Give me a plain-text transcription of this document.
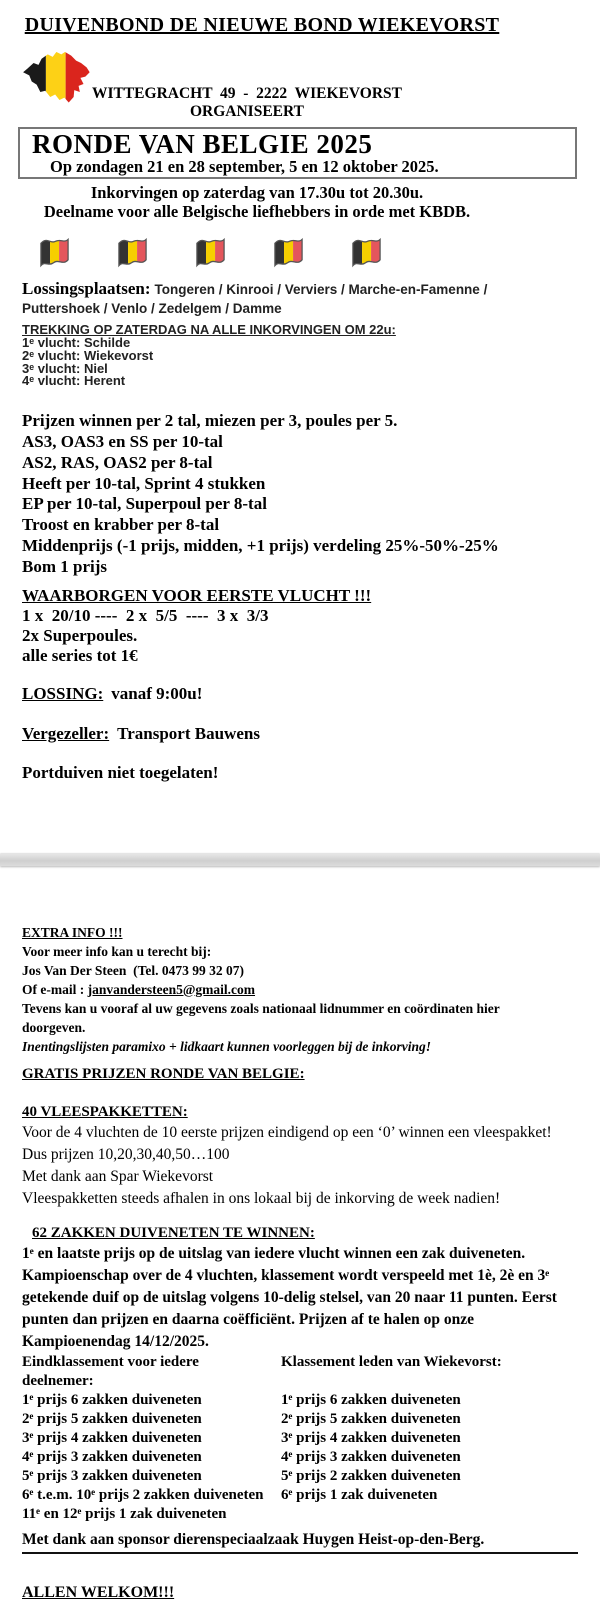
DUIVENBOND DE NIEUWE BOND WIEKEVORST
WITTEGRACHT  49  -  2222  WIEKEVORST
ORGANISEERT
RONDE VAN BELGIE 2025
Op zondagen 21 en 28 september, 5 en 12 oktober 2025.
Inkorvingen op zaterdag van 17.30u tot 20.30u.
Deelname voor alle Belgische liefhebbers in orde met KBDB.

Lossingsplaatsen: Tongeren / Kinrooi / Verviers / Marche-en-Famenne / Puttershoek / Venlo / Zedelgem / Damme

TREKKING OP ZATERDAG NA ALLE INKORVINGEN OM 22u:
1ᵉ vlucht: Schilde
2ᵉ vlucht: Wiekevorst
3ᵉ vlucht: Niel
4ᵉ vlucht: Herent
Prijzen winnen per 2 tal, miezen per 3, poules per 5.
AS3, OAS3 en SS per 10-tal
AS2, RAS, OAS2 per 8-tal
Heeft per 10-tal, Sprint 4 stukken
EP per 10-tal, Superpoul per 8-tal
Troost en krabber per 8-tal
Middenprijs (-1 prijs, midden, +1 prijs) verdeling 25%-50%-25%
Bom 1 prijs
WAARBORGEN VOOR EERSTE VLUCHT !!!
1 x  20/10 ----  2 x  5/5  ----  3 x  3/3
2x Superpoules.
alle series tot 1€
LOSSING: vanaf 9:00u!
Vergezeller: Transport Bauwens
Portduiven niet toegelaten!
EXTRA INFO !!!
Voor meer info kan u terecht bij:
Jos Van Der Steen  (Tel. 0473 99 32 07)
Of e-mail : janvandersteen5@gmail.com
Tevens kan u vooraf al uw gegevens zoals nationaal lidnummer en coördinaten hier doorgeven.
Inentingslijsten paramixo + lidkaart kunnen voorleggen bij de inkorving!
GRATIS PRIJZEN RONDE VAN BELGIE:
40 VLEESPAKKETTEN:
Voor de 4 vluchten de 10 eerste prijzen eindigend op een ‘0’ winnen een vleespakket! Dus prijzen 10,20,30,40,50…100
Met dank aan Spar Wiekevorst
Vleespakketten steeds afhalen in ons lokaal bij de inkorving de week nadien!
62 ZAKKEN DUIVENETEN TE WINNEN:
1ᵉ en laatste prijs op de uitslag van iedere vlucht winnen een zak duiveneten. Kampioenschap over de 4 vluchten, klassement wordt verspeeld met 1è, 2è en 3ᵉ getekende duif op de uitslag volgens 10-delig stelsel, van 20 naar 11 punten. Eerst punten dan prijzen en daarna coëfficiënt. Prijzen af te halen op onze Kampioenendag 14/12/2025.
Eindklassement voor iedere deelnemer:
1ᵉ prijs 6 zakken duiveneten
2ᵉ prijs 5 zakken duiveneten
3ᵉ prijs 4 zakken duiveneten
4ᵉ prijs 3 zakken duiveneten
5ᵉ prijs 3 zakken duiveneten
6ᵉ t.e.m. 10ᵉ prijs 2 zakken duiveneten
11ᵉ en 12ᵉ prijs 1 zak duiveneten
Klassement leden van Wiekevorst:
1ᵉ prijs 6 zakken duiveneten
2ᵉ prijs 5 zakken duiveneten
3ᵉ prijs 4 zakken duiveneten
4ᵉ prijs 3 zakken duiveneten
5ᵉ prijs 2 zakken duiveneten
6ᵉ prijs 1 zak duiveneten
Met dank aan sponsor dierenspeciaalzaak Huygen Heist-op-den-Berg.
ALLEN WELKOM!!!
